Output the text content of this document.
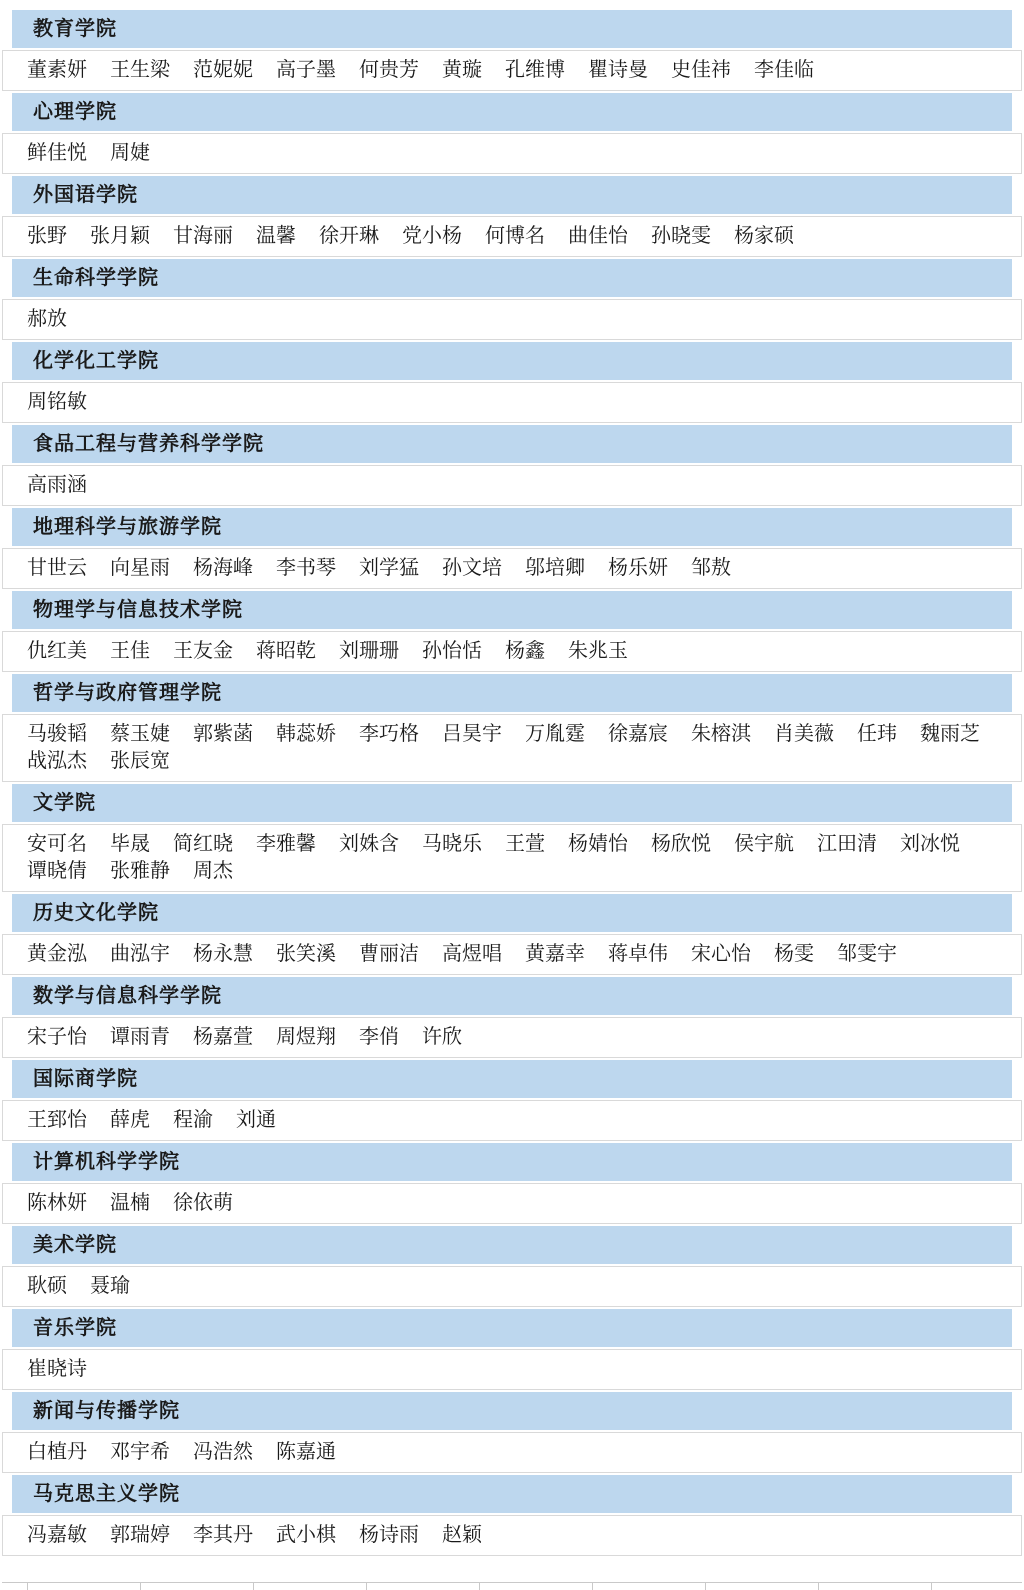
教育学院
董素妍 王生梁 范妮妮 高子墨 何贵芳 黄璇 孔维博 瞿诗曼 史佳祎 李佳临
心理学院
鲜佳悦 周婕
外国语学院
张野 张月颖 甘海丽 温馨 徐开琳 党小杨 何博名 曲佳怡 孙晓雯 杨家硕
生命科学学院
郝放
化学化工学院
周铭敏
食品工程与营养科学学院
高雨涵
地理科学与旅游学院
甘世云 向星雨 杨海峰 李书琴 刘学猛 孙文培 邬培卿 杨乐妍 邹敖
物理学与信息技术学院
仇红美 王佳 王友金 蒋昭乾 刘珊珊 孙怡恬 杨鑫 朱兆玉
哲学与政府管理学院
马骏韬 蔡玉婕 郭紫菡 韩蕊娇 李巧格 吕昊宇 万胤霆 徐嘉宸 朱榕淇 肖美薇 任玮 魏雨芝
战泓杰 张辰宽
文学院
安可名 毕晟 简红晓 李雅馨 刘姝含 马晓乐 王萱 杨婧怡 杨欣悦 侯宇航 江田清 刘冰悦
谭晓倩 张雅静 周杰
历史文化学院
黄金泓 曲泓宇 杨永慧 张笑溪 曹丽洁 高煜唱 黄嘉幸 蒋卓伟 宋心怡 杨雯 邹雯宇
数学与信息科学学院
宋子怡 谭雨青 杨嘉萱 周煜翔 李俏 许欣
国际商学院
王郅怡 薛虎 程渝 刘通
计算机科学学院
陈林妍 温楠 徐依萌
美术学院
耿硕 聂瑜
音乐学院
崔晓诗
新闻与传播学院
白植丹 邓宇希 冯浩然 陈嘉通
马克思主义学院
冯嘉敏 郭瑞婷 李其丹 武小棋 杨诗雨 赵颖
